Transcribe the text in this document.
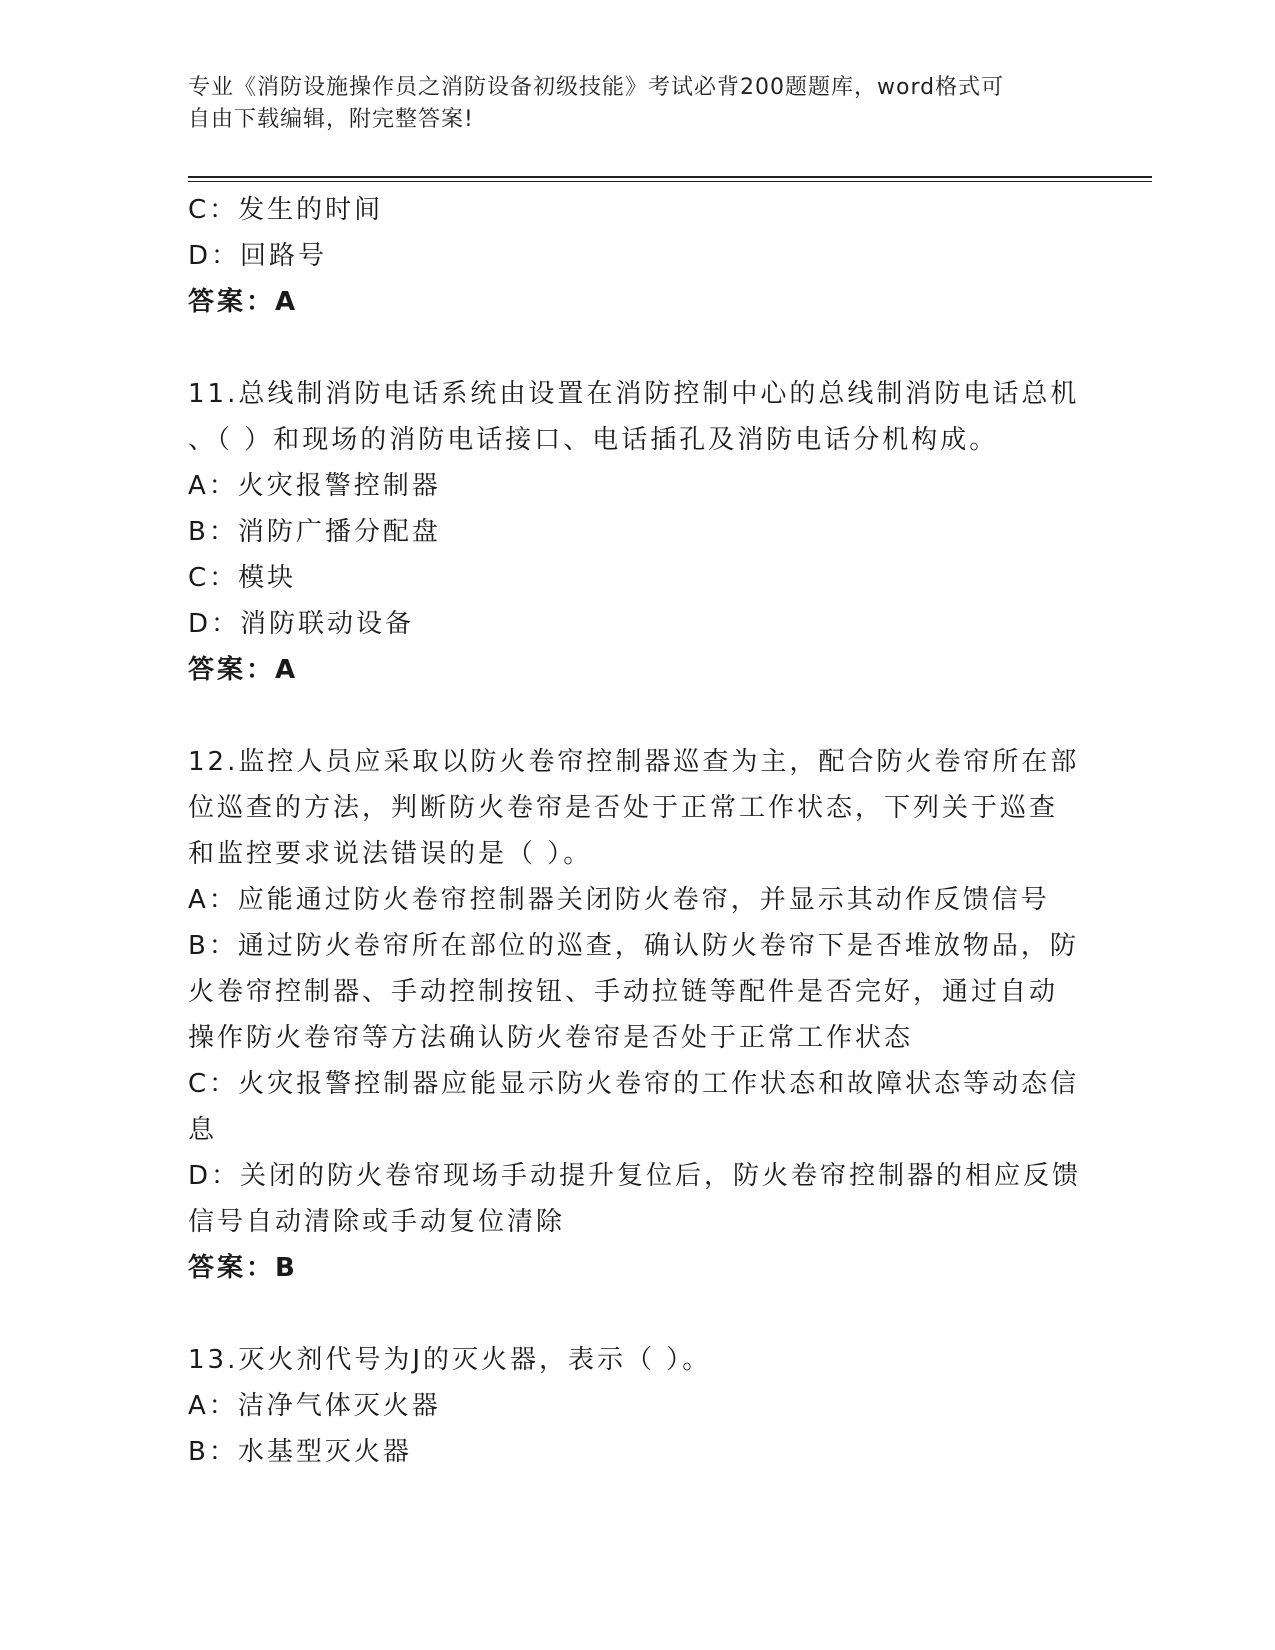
专业《消防设施操作员之消防设备初级技能》考试必背200题题库，word格式可
自由下载编辑，附完整答案!
C：发生的时间
D：回路号
答案：A
11.总线制消防电话系统由设置在消防控制中心的总线制消防电话总机
、（ ）和现场的消防电话接口、电话插孔及消防电话分机构成。
A：火灾报警控制器
B：消防广播分配盘
C：模块
D：消防联动设备
答案：A
12.监控人员应采取以防火卷帘控制器巡查为主，配合防火卷帘所在部
位巡查的方法，判断防火卷帘是否处于正常工作状态，下列关于巡查
和监控要求说法错误的是（ ）。
A：应能通过防火卷帘控制器关闭防火卷帘，并显示其动作反馈信号
B：通过防火卷帘所在部位的巡查，确认防火卷帘下是否堆放物品，防
火卷帘控制器、手动控制按钮、手动拉链等配件是否完好，通过自动
操作防火卷帘等方法确认防火卷帘是否处于正常工作状态
C：火灾报警控制器应能显示防火卷帘的工作状态和故障状态等动态信
息
D：关闭的防火卷帘现场手动提升复位后，防火卷帘控制器的相应反馈
信号自动清除或手动复位清除
答案：B
13.灭火剂代号为J的灭火器，表示（ ）。
A：洁净气体灭火器
B：水基型灭火器
